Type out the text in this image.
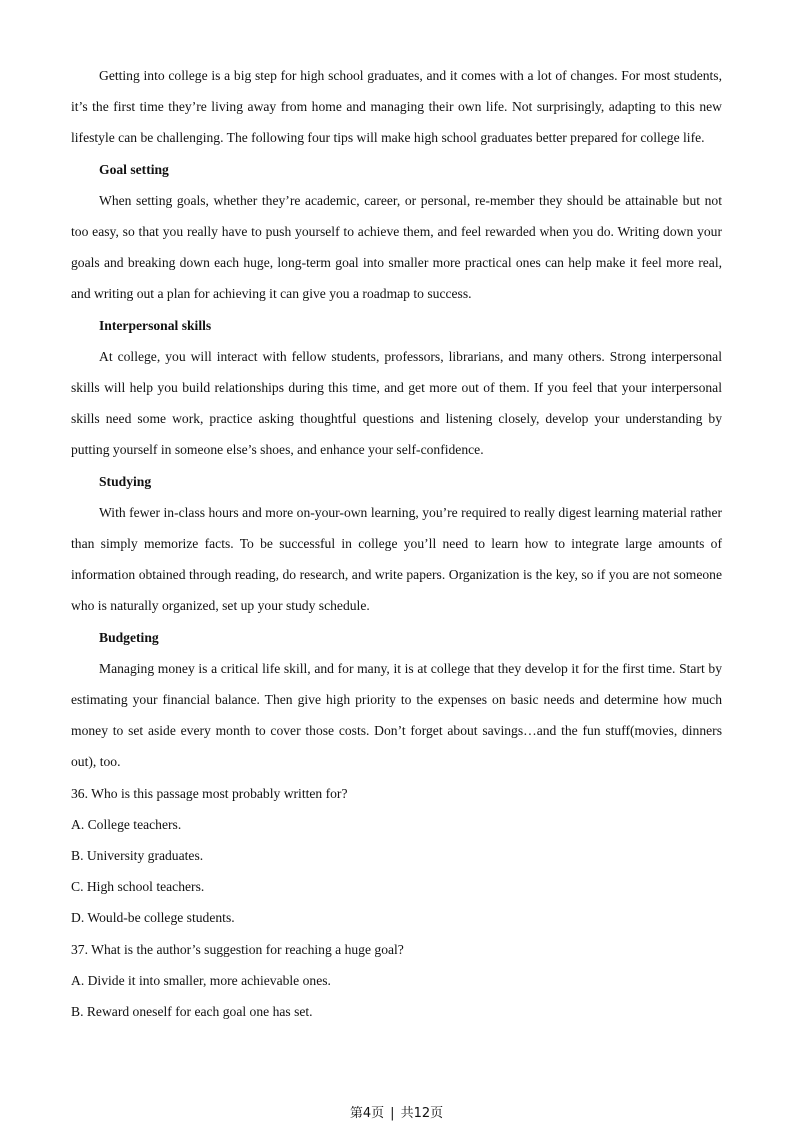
Getting into college is a big step for high school graduates, and it comes with a lot of changes. For most students, it’s the first time they’re living away from home and managing their own life. Not surprisingly, adapting to this new lifestyle can be challenging. The following four tips will make high school graduates better prepared for college life.

Goal setting

When setting goals, whether they’re academic, career, or personal, re-member they should be attainable but not too easy, so that you really have to push yourself to achieve them, and feel rewarded when you do. Writing down your goals and breaking down each huge, long-term goal into smaller more practical ones can help make it feel more real, and writing out a plan for achieving it can give you a roadmap to success.

Interpersonal skills

At college, you will interact with fellow students, professors, librarians, and many others. Strong interpersonal skills will help you build relationships during this time, and get more out of them. If you feel that your interpersonal skills need some work, practice asking thoughtful questions and listening closely, develop your understanding by putting yourself in someone else’s shoes, and enhance your self-confidence.

Studying

With fewer in-class hours and more on-your-own learning, you’re required to really digest learning material rather than simply memorize facts. To be successful in college you’ll need to learn how to integrate large amounts of information obtained through reading, do research, and write papers. Organization is the key, so if you are not someone who is naturally organized, set up your study schedule.

Budgeting

Managing money is a critical life skill, and for many, it is at college that they develop it for the first time. Start by estimating your financial balance. Then give high priority to the expenses on basic needs and determine how much money to set aside every month to cover those costs. Don’t forget about savings…and the fun stuff(movies, dinners out), too.

36. Who is this passage most probably written for?

A. College teachers.

B. University graduates.

C. High school teachers.

D. Would-be college students.

37. What is the author’s suggestion for reaching a huge goal?

A. Divide it into smaller, more achievable ones.

B. Reward oneself for each goal one has set.

第4页 | 共12页
